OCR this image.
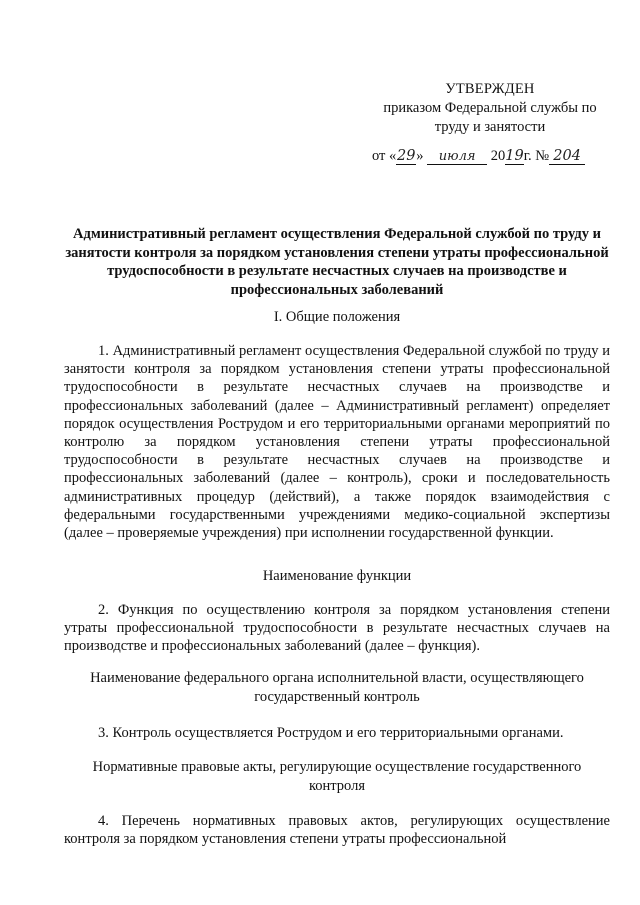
УТВЕРЖДЕН
приказом Федеральной службы по
труду и занятости
от «29» июля 2019г. № 204
Административный регламент осуществления Федеральной службой по труду и занятости контроля за порядком установления степени утраты профессиональной трудоспособности в результате несчастных случаев на производстве и профессиональных заболеваний
I. Общие положения
1. Административный регламент осуществления Федеральной службой по труду и занятости контроля за порядком установления степени утраты профессиональной трудоспособности в результате несчастных случаев на производстве и профессиональных заболеваний (далее – Административный регламент) определяет порядок осуществления Рострудом и его территориальными органами мероприятий по контролю за порядком установления степени утраты профессиональной трудоспособности в результате несчастных случаев на производстве и профессиональных заболеваний (далее – контроль), сроки и последовательность административных процедур (действий), а также порядок взаимодействия с федеральными государственными учреждениями медико-социальной экспертизы (далее – проверяемые учреждения) при исполнении государственной функции.
Наименование функции
2. Функция по осуществлению контроля за порядком установления степени утраты профессиональной трудоспособности в результате несчастных случаев на производстве и профессиональных заболеваний (далее – функция).
Наименование федерального органа исполнительной власти, осуществляющего государственный контроль
3. Контроль осуществляется Рострудом и его территориальными органами.
Нормативные правовые акты, регулирующие осуществление государственного контроля
4. Перечень нормативных правовых актов, регулирующих осуществление контроля за порядком установления степени утраты профессиональной
